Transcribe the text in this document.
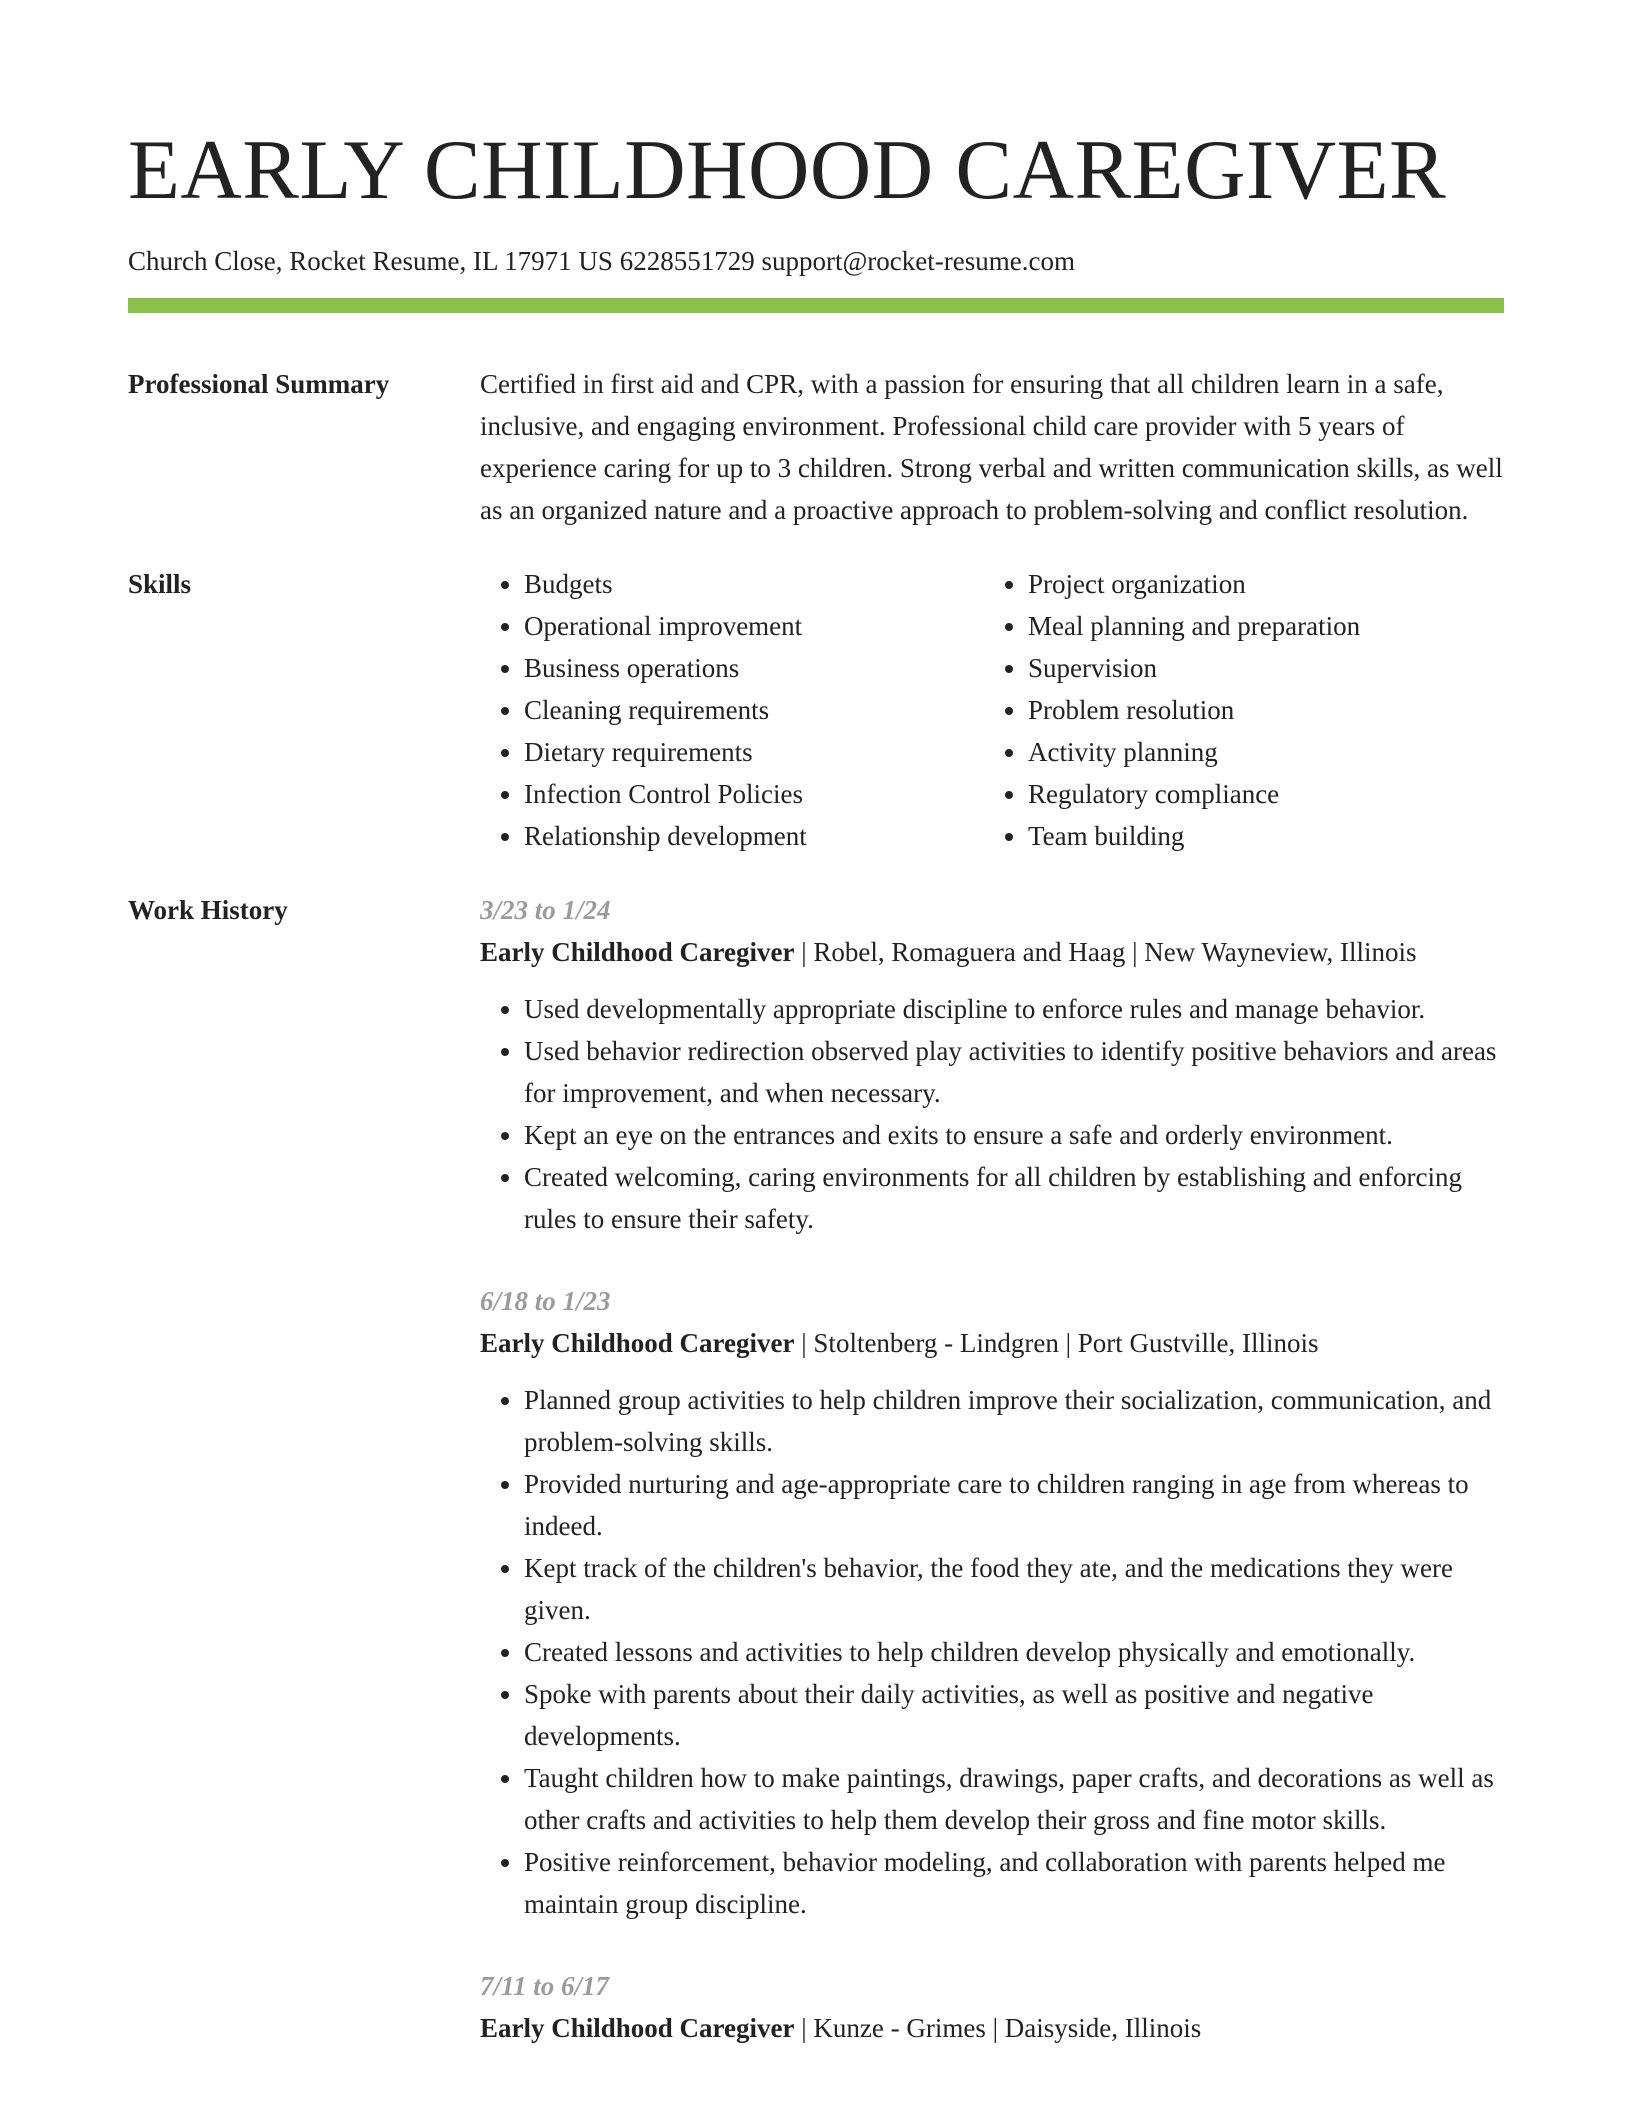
EARLY CHILDHOOD CAREGIVER
Church Close, Rocket Resume, IL 17971 US 6228551729 support@rocket-resume.com
Professional Summary	Certified in first aid and CPR, with a passion for ensuring that all children learn in a safe, inclusive, and engaging environment. Professional child care provider with 5 years of experience caring for up to 3 children. Strong verbal and written communication skills, as well as an organized nature and a proactive approach to problem-solving and conflict resolution.

Skills
•	Budgets
• Operational improvement
• Business operations
• Cleaning requirements
• Dietary requirements
• Infection Control Policies
• Relationship development
• Project organization
• Meal planning and preparation
• Supervision
• Problem resolution
• Activity planning
• Regulatory compliance
• Team building
Work History	3/23 to 1/24

Early Childhood Caregiver | Robel, Romaguera and Haag | New Wayneview, Illinois

• Used developmentally appropriate discipline to enforce rules and manage behavior.
• Used behavior redirection observed play activities to identify positive behaviors and areas for improvement, and when necessary.
• Kept an eye on the entrances and exits to ensure a safe and orderly environment.
• Created welcoming, caring environments for all children by establishing and enforcing rules to ensure their safety.
6/18 to 1/23

Early Childhood Caregiver | Stoltenberg - Lindgren | Port Gustville, Illinois

• Planned group activities to help children improve their socialization, communication, and problem-solving skills.
• Provided nurturing and age-appropriate care to children ranging in age from whereas to indeed.
• Kept track of the children's behavior, the food they ate, and the medications they were given.
• Created lessons and activities to help children develop physically and emotionally.
• Spoke with parents about their daily activities, as well as positive and negative developments.
• Taught children how to make paintings, drawings, paper crafts, and decorations as well as other crafts and activities to help them develop their gross and fine motor skills.
• Positive reinforcement, behavior modeling, and collaboration with parents helped me maintain group discipline.
7/11 to 6/17

Early Childhood Caregiver | Kunze - Grimes | Daisyside, Illinois
